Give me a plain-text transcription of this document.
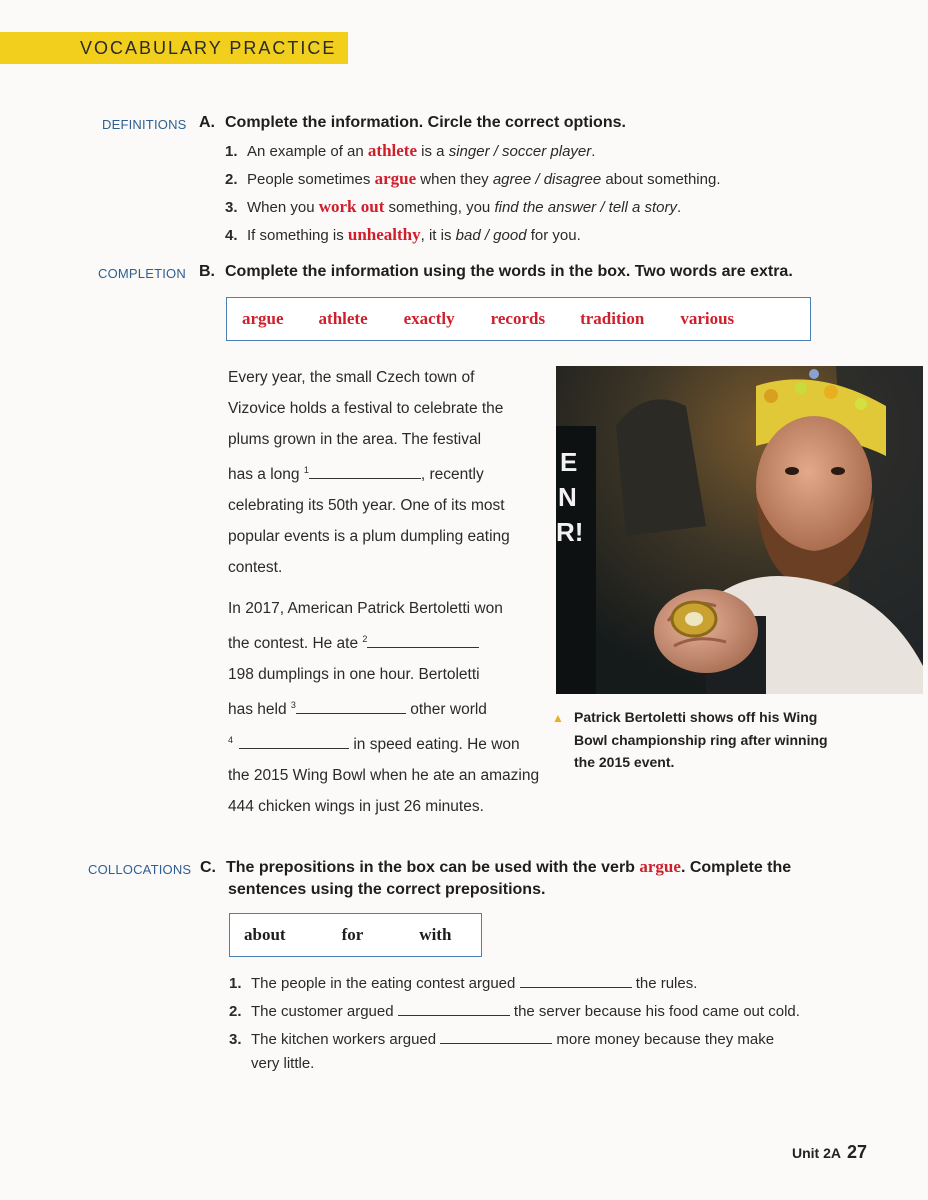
VOCABULARY PRACTICE
DEFINITIONS A. Complete the information. Circle the correct options.
1. An example of an athlete is a singer / soccer player.
2. People sometimes argue when they agree / disagree about something.
3. When you work out something, you find the answer / tell a story.
4. If something is unhealthy, it is bad / good for you.
COMPLETION B. Complete the information using the words in the box. Two words are extra.
argue athlete exactly records tradition various
Every year, the small Czech town of
Vizovice holds a festival to celebrate the
plums grown in the area. The festival
has a long $^1$	, recently
celebrating its 50th year. One of its most
popular events is a plum dumpling eating
contest.
In 2017, American Patrick Bertoletti won
the contest. He ate $^2$
198 dumplings in one hour. Bertoletti
has held $^3$	other world
$^4$	in speed eating. He won
the 2015 Wing Bowl when he ate an amazing
444 chicken wings in just 26 minutes.
E
N
R!
▲ Patrick Bertoletti shows off his Wing
Bowl championship ring after winning
the 2015 event.
COLLOCATIONS C. The prepositions in the box can be used with the verb argue. Complete the
sentences using the correct prepositions.
about	for	with
1. The people in the eating contest argued	the rules.
2. The customer argued	the server because his food came out cold.
3. The kitchen workers argued	more money because they make
very little.
Unit 2A 27
